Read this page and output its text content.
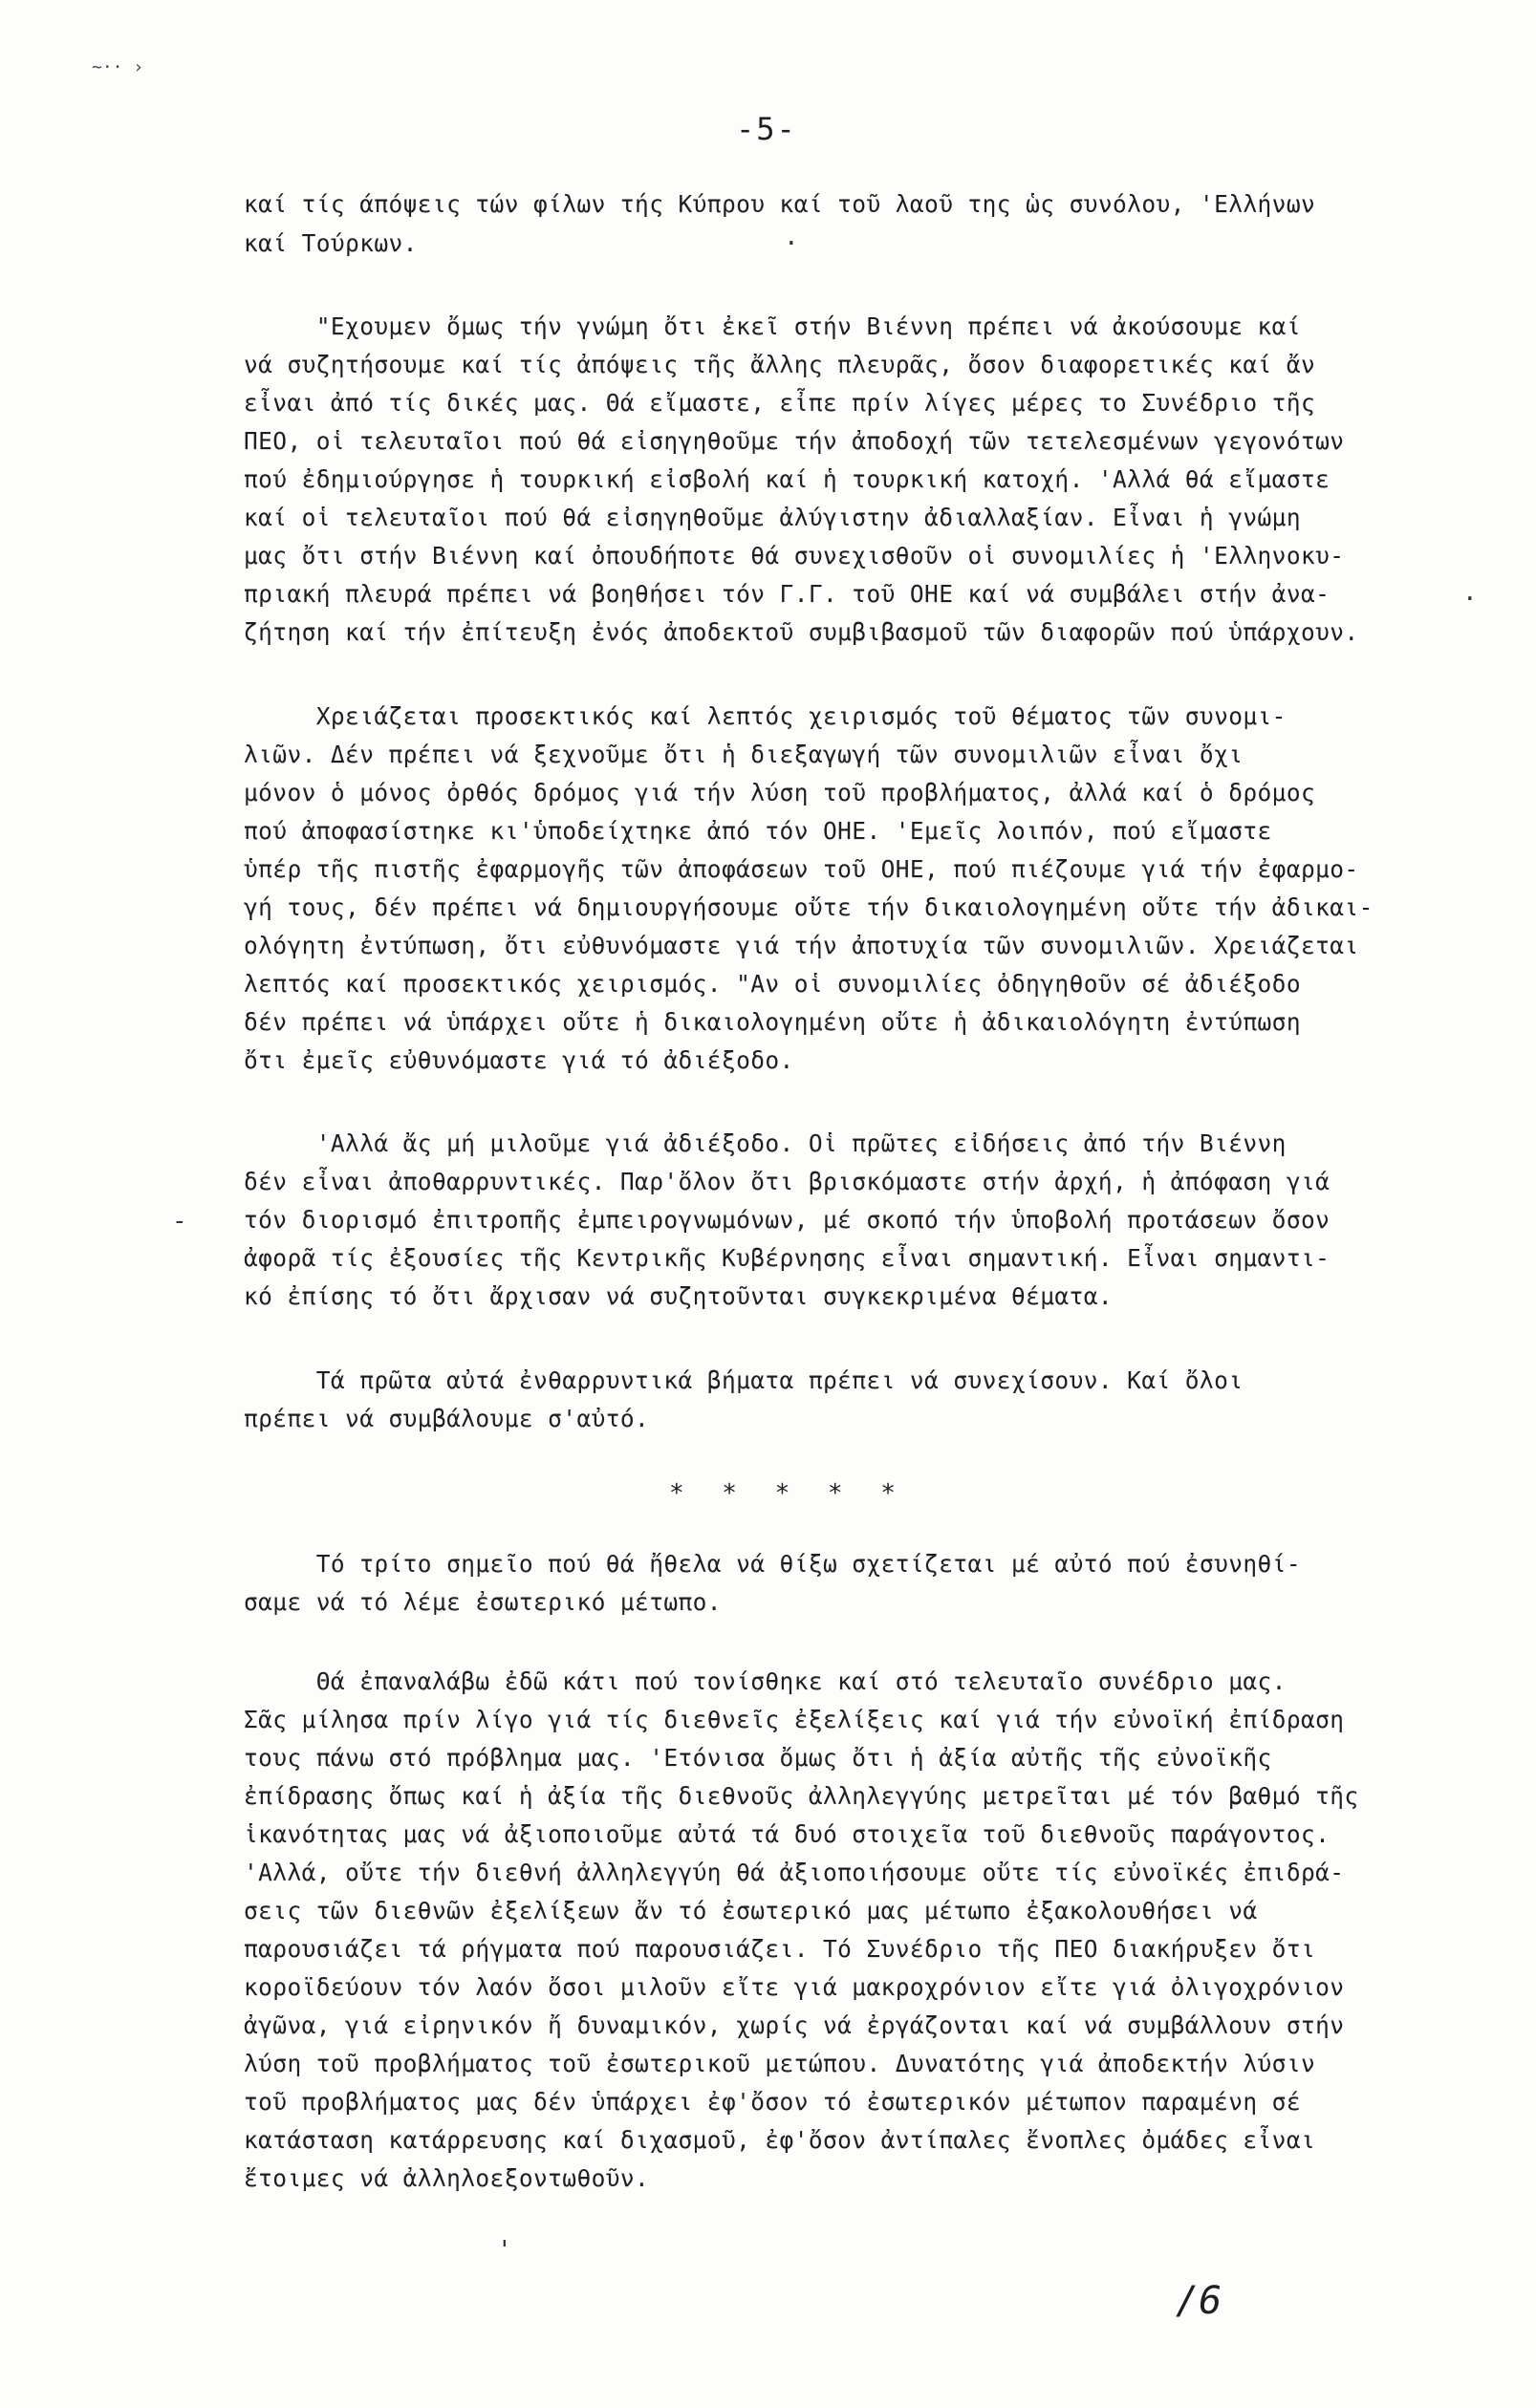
~·· ›
-5-
καί τίς άπόψεις τών φίλων τής Κύπρου καί τοῦ λαοῦ της ὡς συνόλου, 'Ελλήνων
καί Τούρκων.	·
"Εχουμεν ὄμως τήν γνώμη ὄτι ἐκεῖ στήν Βιέννη πρέπει νά ἀκούσουμε καί
νά συζητήσουμε καί τίς ἀπόψεις τῆς ἄλλης πλευρᾶς, ὄσον διαφορετικές καί ἄν
εἶναι ἀπό τίς δικές μας. Θά εἴμαστε, εἶπε πρίν λίγες μέρες το Συνέδριο τῆς
ΠΕΟ, οἱ τελευταῖοι πού θά εἰσηγηθοῦμε τήν ἀποδοχή τῶν τετελεσμένων γεγονότων
πού ἐδημιούργησε ἡ τουρκική εἰσβολή καί ἡ τουρκική κατοχή. 'Αλλά θά εἴμαστε
καί οἱ τελευταῖοι πού θά εἰσηγηθοῦμε ἀλύγιστην ἀδιαλλαξίαν. Εἶναι ἡ γνώμη
μας ὄτι στήν Βιέννη καί ὀπουδήποτε θά συνεχισθοῦν οἱ συνομιλίες ἡ 'Ελληνοκυ-
πριακή πλευρά πρέπει νά βοηθήσει τόν Γ.Γ. τοῦ ΟΗΕ καί νά συμβάλει στήν ἀνα-
ζήτηση καί τήν ἐπίτευξη ἐνός ἀποδεκτοῦ συμβιβασμοῦ τῶν διαφορῶν πού ὑπάρχουν.
·
Χρειάζεται προσεκτικός καί λεπτός χειρισμός τοῦ θέματος τῶν συνομι-
λιῶν. Δέν πρέπει νά ξεχνοῦμε ὄτι ἡ διεξαγωγή τῶν συνομιλιῶν εἶναι ὄχι
μόνον ὁ μόνος ὀρθός δρόμος γιά τήν λύση τοῦ προβλήματος, ἀλλά καί ὁ δρόμος
πού ἀποφασίστηκε κι'ὑποδείχτηκε ἀπό τόν ΟΗΕ. 'Εμεῖς λοιπόν, πού εἴμαστε
ὑπέρ τῆς πιστῆς ἐφαρμογῆς τῶν ἀποφάσεων τοῦ ΟΗΕ, πού πιέζουμε γιά τήν ἐφαρμο-
γή τους, δέν πρέπει νά δημιουργήσουμε οὔτε τήν δικαιολογημένη οὔτε τήν ἀδικαι-
ολόγητη ἐντύπωση, ὄτι εὐθυνόμαστε γιά τήν ἀποτυχία τῶν συνομιλιῶν. Χρειάζεται
λεπτός καί προσεκτικός χειρισμός. "Αν οἱ συνομιλίες ὀδηγηθοῦν σέ ἀδιέξοδο
δέν πρέπει νά ὑπάρχει οὔτε ἡ δικαιολογημένη οὔτε ἡ ἀδικαιολόγητη ἐντύπωση
ὄτι ἐμεῖς εὐθυνόμαστε γιά τό ἀδιέξοδο.
'Αλλά ἄς μή μιλοῦμε γιά ἀδιέξοδο. Οἱ πρῶτες εἰδήσεις ἀπό τήν Βιέννη
δέν εἶναι ἀποθαρρυντικές. Παρ'ὄλον ὄτι βρισκόμαστε στήν ἀρχή, ἡ ἀπόφαση γιά
τόν διορισμό ἐπιτροπῆς ἐμπειρογνωμόνων, μέ σκοπό τήν ὑποβολή προτάσεων ὄσον
ἀφορᾶ τίς ἐξουσίες τῆς Κεντρικῆς Κυβέρνησης εἶναι σημαντική. Εἶναι σημαντι-
κό ἐπίσης τό ὄτι ἄρχισαν νά συζητοῦνται συγκεκριμένα θέματα.
-
Τά πρῶτα αὐτά ἐνθαρρυντικά βήματα πρέπει νά συνεχίσουν. Καί ὄλοι
πρέπει νά συμβάλουμε σ'αὐτό.
* * * * *
Τό τρίτο σημεῖο πού θά ἤθελα νά θίξω σχετίζεται μέ αὐτό πού ἐσυνηθί-
σαμε νά τό λέμε ἐσωτερικό μέτωπο.
Θά ἐπαναλάβω ἐδῶ κάτι πού τονίσθηκε καί στό τελευταῖο συνέδριο μας.
Σᾶς μίλησα πρίν λίγο γιά τίς διεθνεῖς ἐξελίξεις καί γιά τήν εὐνοϊκή ἐπίδραση
τους πάνω στό πρόβλημα μας. 'Ετόνισα ὄμως ὄτι ἡ ἀξία αὐτῆς τῆς εὐνοϊκῆς
ἐπίδρασης ὄπως καί ἡ ἀξία τῆς διεθνοῦς ἀλληλεγγύης μετρεῖται μέ τόν βαθμό τῆς
ἱκανότητας μας νά ἀξιοποιοῦμε αὐτά τά δυό στοιχεῖα τοῦ διεθνοῦς παράγοντος.
'Αλλά, οὔτε τήν διεθνή ἀλληλεγγύη θά ἀξιοποιήσουμε οὔτε τίς εὐνοϊκές ἐπιδρά-
σεις τῶν διεθνῶν ἐξελίξεων ἄν τό ἐσωτερικό μας μέτωπο ἐξακολουθήσει νά
παρουσιάζει τά ρήγματα πού παρουσιάζει. Τό Συνέδριο τῆς ΠΕΟ διακήρυξεν ὄτι
κοροϊδεύουν τόν λαόν ὄσοι μιλοῦν εἴτε γιά μακροχρόνιον εἴτε γιά ὀλιγοχρόνιον
ἀγῶνα, γιά εἰρηνικόν ἤ δυναμικόν, χωρίς νά ἐργάζονται καί νά συμβάλλουν στήν
λύση τοῦ προβλήματος τοῦ ἐσωτερικοῦ μετώπου. Δυνατότης γιά ἀποδεκτήν λύσιν
τοῦ προβλήματος μας δέν ὑπάρχει ἐφ'ὄσον τό ἐσωτερικόν μέτωπον παραμένη σέ
κατάσταση κατάρρευσης καί διχασμοῦ, ἐφ'ὄσον ἀντίπαλες ἔνοπλες ὀμάδες εἶναι
ἔτοιμες νά ἀλληλοεξοντωθοῦν.
'
/6
